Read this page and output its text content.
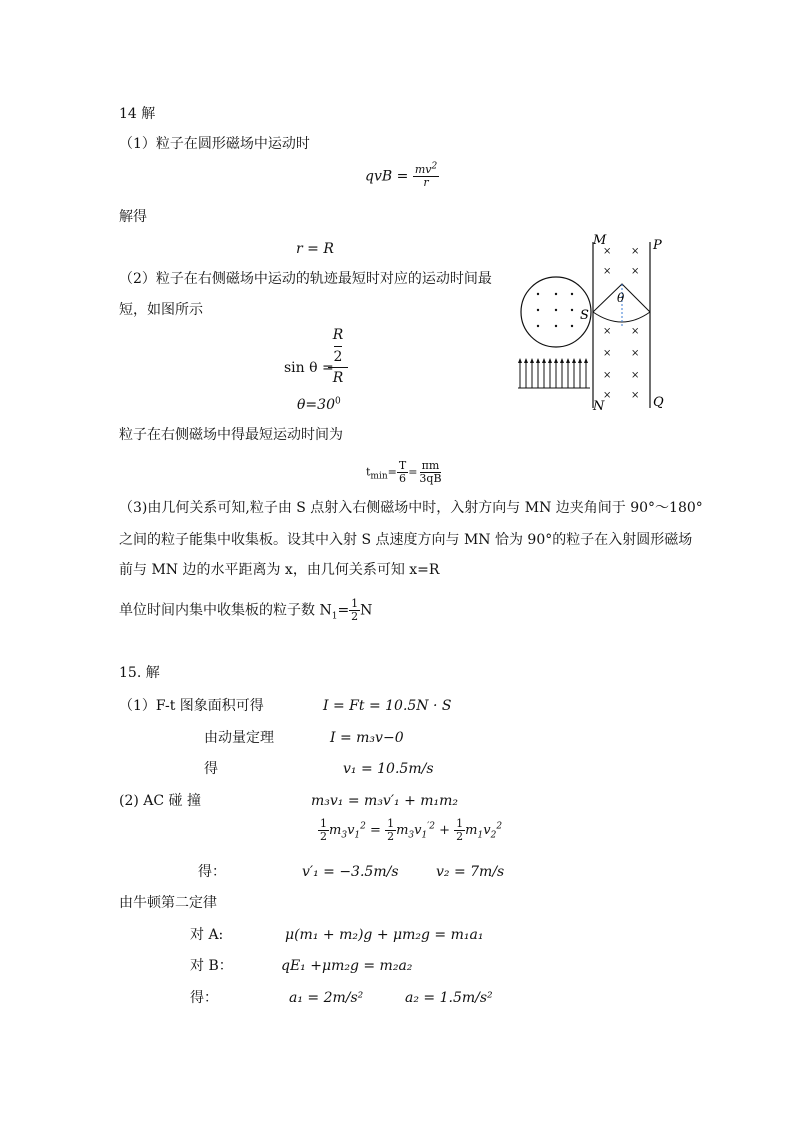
14 解
（1）粒子在圆形磁场中运动时
qvB = $\frac{mv^2}{r}$
解得
r = R
（2）粒子在右侧磁场中运动的轨迹最短时对应的运动时间最
短，如图所示
sin θ =
R
2
R
$\theta=30^0$
粒子在右侧磁场中得最短运动时间为
$t_{min}= \frac{T}{6} = \frac{\pi m}{3qB}$
（3)由几何关系可知,粒子由 S 点射入右侧磁场中时，入射方向与 MN 边夹角间于 90°～180°
之间的粒子能集中收集板。设其中入射 S 点速度方向与 MN 恰为 90°的粒子在入射圆形磁场
前与 MN 边的水平距离为 x，由几何关系可知 x=R
单位时间内集中收集板的粒子数 $N_1= \frac{1}{2}$ N
× ×
× ×
× ×
× ×
× ×
× ×
M	P
N	Q
S
θ
15. 解
（1）F-t 图象面积可得	I = Ft = 10.5N · S
由动量定理	I = m₃v−0
得	v₁ = 10.5m/s
(2) AC 碰 撞	m₃v₁ = m₃v′₁ + m₁m₂
$\frac{1}{2} m_3v_1^2 = \frac{1}{2} m_3v_1^{'2} + \frac{1}{2} m_1v_2^2$
得：	v′₁ = −3.5m/s	v₂ = 7m/s
由牛顿第二定律
对 A:	μ(m₁ + m₂)g + μm₂g = m₁a₁
对 B：	qE₁ +μm₂g = m₂a₂
得：	a₁ = 2m/s²	a₂ = 1.5m/s²
